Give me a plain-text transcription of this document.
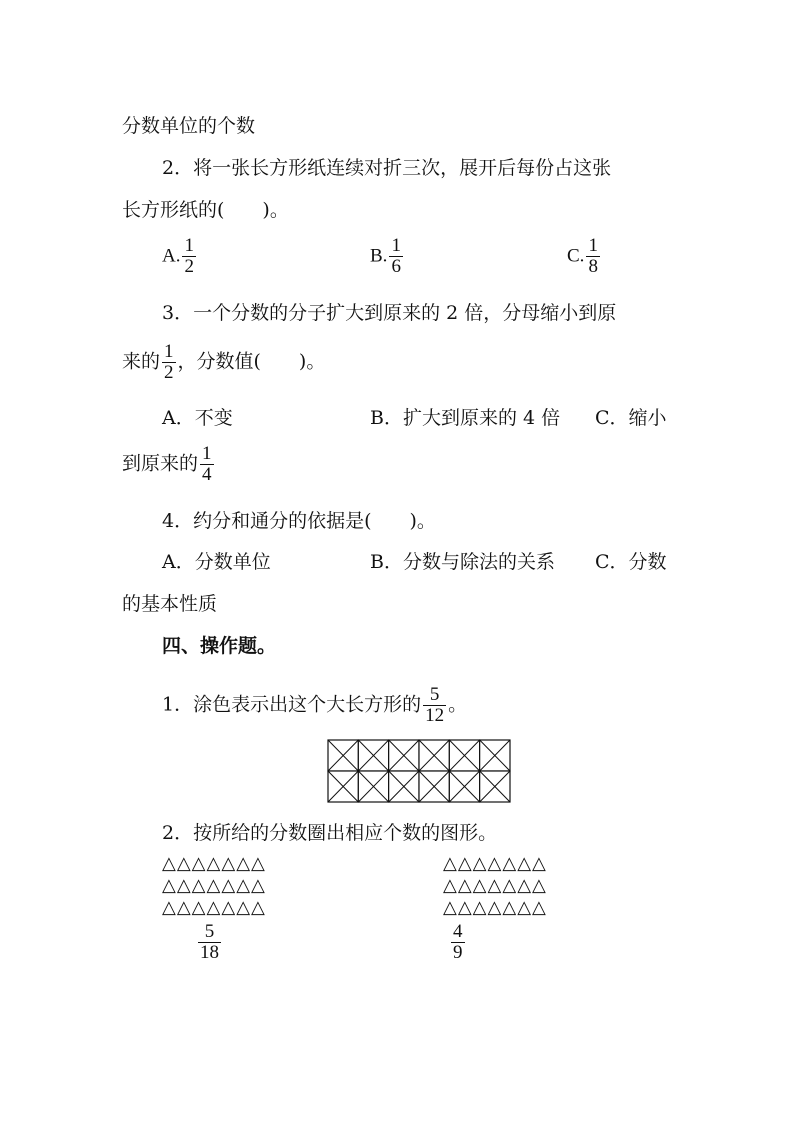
分数单位的个数
2．将一张长方形纸连续对折三次，展开后每份占这张
长方形纸的(　　)。
A. $\frac{1}{2}$	B. $\frac{1}{6}$	C. $\frac{1}{8}$
3．一个分数的分子扩大到原来的 2 倍，分母缩小到原
来的 $\frac{1}{2}$ ，分数值(　　)。
A．不变	B．扩大到原来的 4 倍 C．缩小
到原来的 $\frac{1}{4}$
4．约分和通分的依据是(　　)。
A．分数单位	B．分数与除法的关系 C．分数
的基本性质
四、操作题。
1．涂色表示出这个大长方形的 $\frac{5}{12}$ 。
2．按所给的分数圈出相应个数的图形。
△△△△△△△
△△△△△△△
△△△△△△△
△△△△△△△
△△△△△△△
△△△△△△△
$\frac{5}{18}$	$\frac{4}{9}$
